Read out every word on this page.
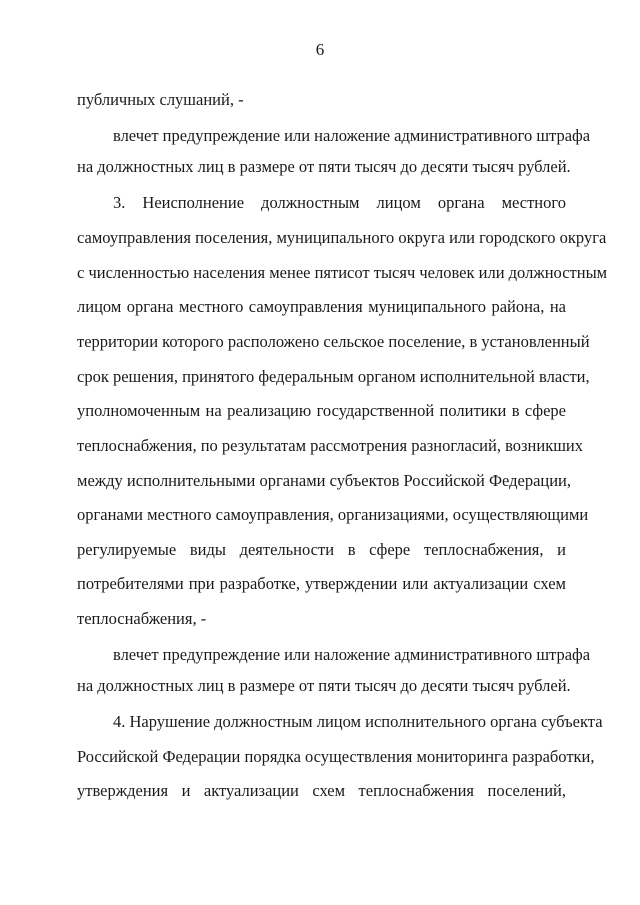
6
публичных слушаний, -
влечет предупреждение или наложение административного штрафа
на должностных лиц в размере от пяти тысяч до десяти тысяч рублей.
3. Неисполнение должностным лицом органа местного
самоуправления поселения, муниципального округа или городского округа
с численностью населения менее пятисот тысяч человек или должностным
лицом органа местного самоуправления муниципального района, на
территории которого расположено сельское поселение, в установленный
срок решения, принятого федеральным органом исполнительной власти,
уполномоченным на реализацию государственной политики в сфере
теплоснабжения, по результатам рассмотрения разногласий, возникших
между исполнительными органами субъектов Российской Федерации,
органами местного самоуправления, организациями, осуществляющими
регулируемые виды деятельности в сфере теплоснабжения, и
потребителями при разработке, утверждении или актуализации схем
теплоснабжения, -
влечет предупреждение или наложение административного штрафа
на должностных лиц в размере от пяти тысяч до десяти тысяч рублей.
4. Нарушение должностным лицом исполнительного органа субъекта
Российской Федерации порядка осуществления мониторинга разработки,
утверждения и актуализации схем теплоснабжения поселений,
